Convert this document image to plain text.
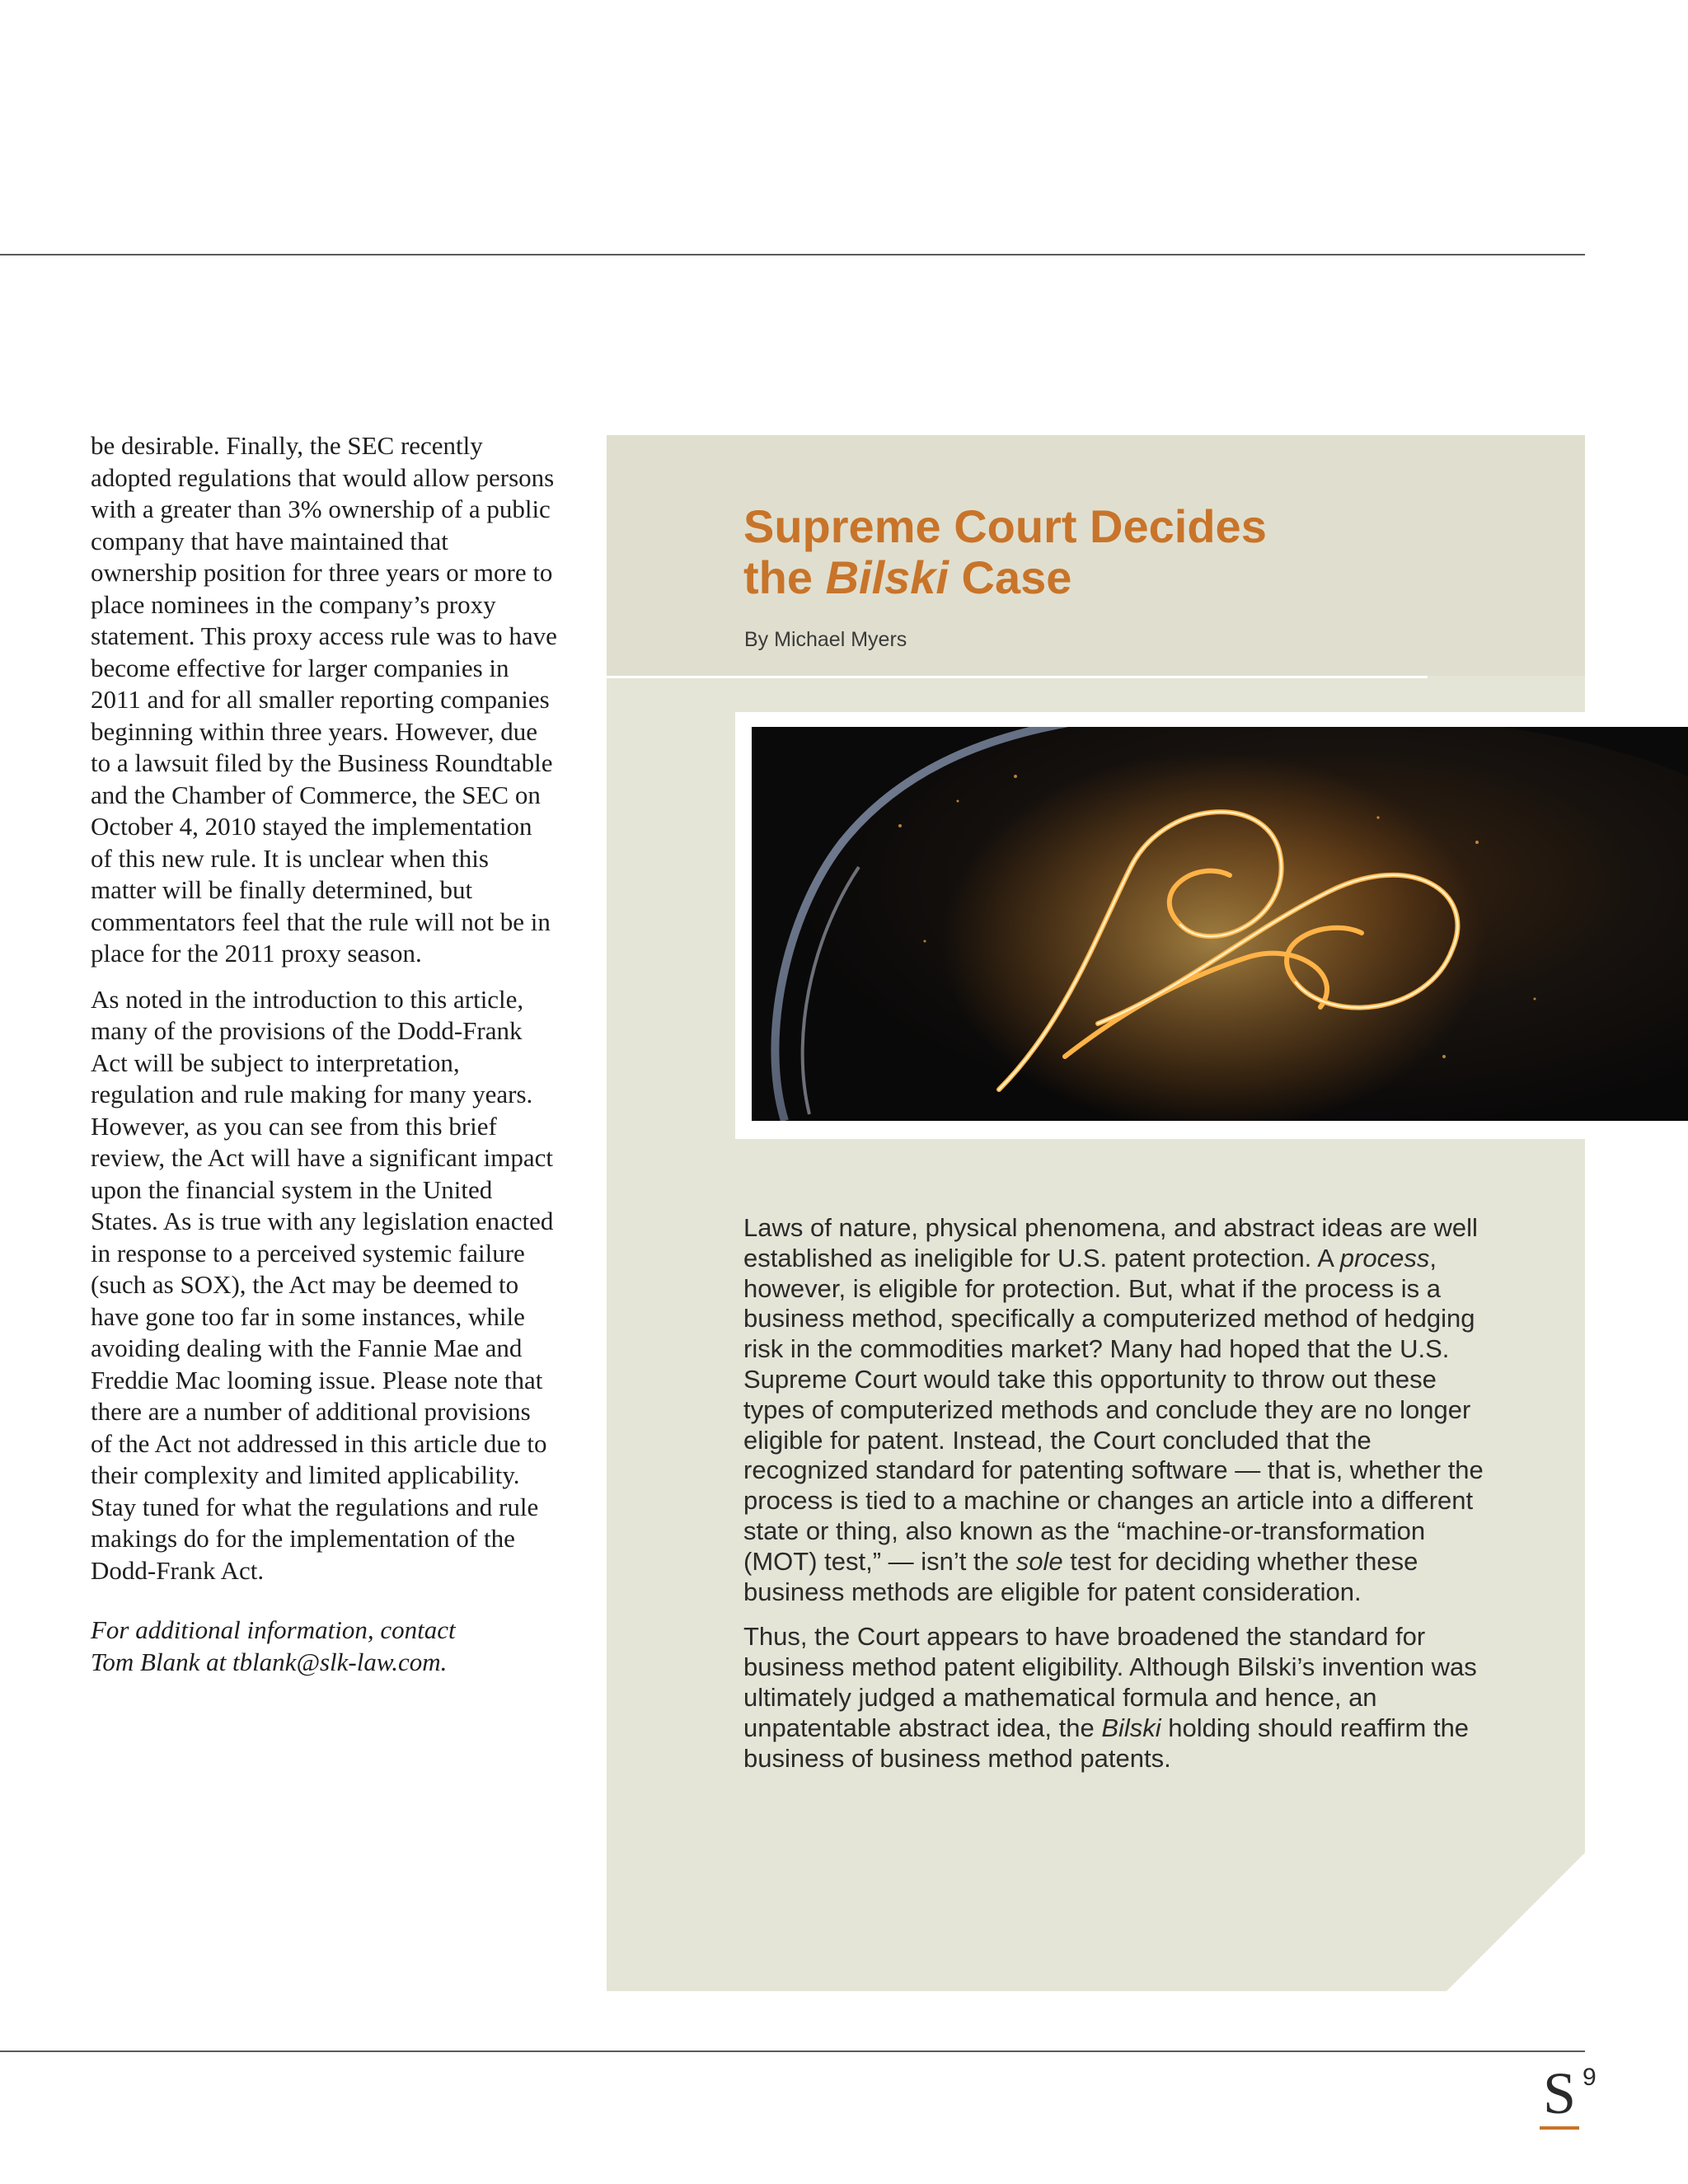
be desirable. Finally, the SEC recently adopted regulations that would allow persons with a greater than 3% ownership of a public company that have maintained that ownership position for three years or more to place nominees in the company’s proxy statement. This proxy access rule was to have become effective for larger companies in 2011 and for all smaller reporting companies beginning within three years. However, due to a lawsuit filed by the Business Roundtable and the Chamber of Commerce, the SEC on October 4, 2010 stayed the implementation of this new rule. It is unclear when this matter will be finally determined, but commentators feel that the rule will not be in place for the 2011 proxy season.

As noted in the introduction to this article, many of the provisions of the Dodd-Frank Act will be subject to interpretation, regulation and rule making for many years. However, as you can see from this brief review, the Act will have a significant impact upon the financial system in the United States. As is true with any legislation enacted in response to a perceived systemic failure (such as SOX), the Act may be deemed to have gone too far in some instances, while avoiding dealing with the Fannie Mae and Freddie Mac looming issue. Please note that there are a number of additional provisions of the Act not addressed in this article due to their complexity and limited applicability. Stay tuned for what the regulations and rule makings do for the implementation of the Dodd-Frank Act.

For additional information, contact
Tom Blank at tblank@slk-law.com.

Supreme Court Decides
the Bilski Case
By Michael Myers

Laws of nature, physical phenomena, and abstract ideas are well established as ineligible for U.S. patent protection. A process, however, is eligible for protection. But, what if the process is a business method, specifically a computerized method of hedging risk in the commodities market? Many had hoped that the U.S. Supreme Court would take this opportunity to throw out these types of computerized methods and conclude they are no longer eligible for patent. Instead, the Court concluded that the recognized standard for patenting software — that is, whether the process is tied to a machine or changes an article into a different state or thing, also known as the “machine-or-transformation (MOT) test,” — isn’t the sole test for deciding whether these business methods are eligible for patent consideration.

Thus, the Court appears to have broadened the standard for business method patent eligibility. Although Bilski’s invention was ultimately judged a mathematical formula and hence, an unpatentable abstract idea, the Bilski holding should reaffirm the business of business method patents.

S 9
